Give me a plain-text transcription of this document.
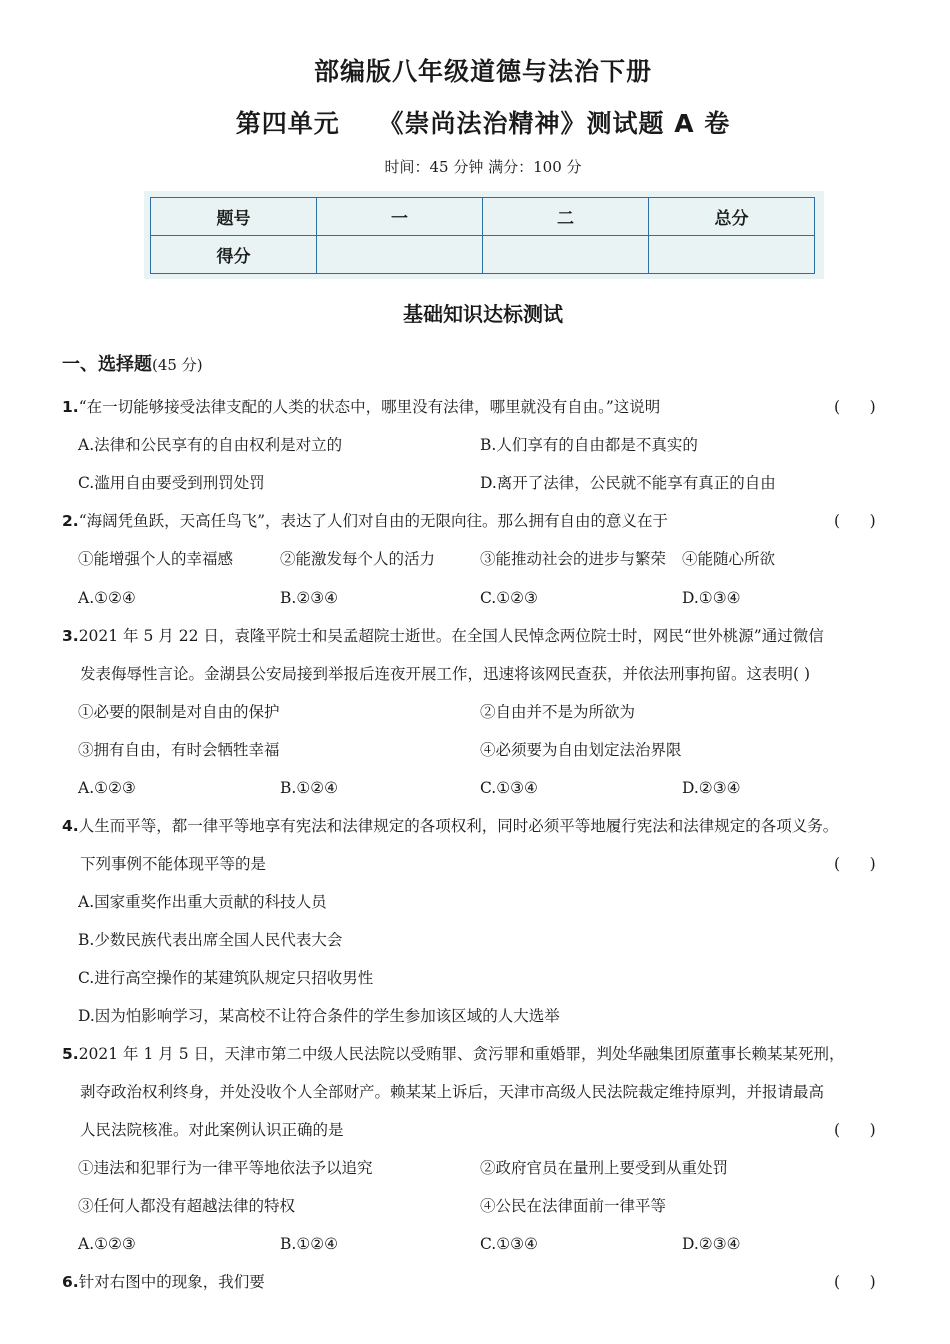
部编版八年级道德与法治下册
第四单元    《崇尚法治精神》测试题 A 卷
时间：45 分钟 满分：100 分
题号	一	二	总分
得分			
基础知识达标测试
一、选择题(45 分)
1.“在一切能够接受法律支配的人类的状态中，哪里没有法律，哪里就没有自由。”这说明	(      )
A.法律和公民享有的自由权利是对立的	B.人们享有的自由都是不真实的
C.滥用自由要受到刑罚处罚	D.离开了法律，公民就不能享有真正的自由
2.“海阔凭鱼跃，天高任鸟飞”，表达了人们对自由的无限向往。那么拥有自由的意义在于	(      )
①能增强个人的幸福感	②能激发每个人的活力	③能推动社会的进步与繁荣 ④能随心所欲
A.①②④	B.②③④	C.①②③	D.①③④
3.2021 年 5 月 22 日，袁隆平院士和吴孟超院士逝世。在全国人民悼念两位院士时，网民“世外桃源”通过微信
发表侮辱性言论。金湖县公安局接到举报后连夜开展工作，迅速将该网民查获，并依法刑事拘留。这表明( )
①必要的限制是对自由的保护	②自由并不是为所欲为
③拥有自由，有时会牺牲幸福	④必须要为自由划定法治界限
A.①②③	B.①②④	C.①③④	D.②③④
4.人生而平等，都一律平等地享有宪法和法律规定的各项权利，同时必须平等地履行宪法和法律规定的各项义务。
下列事例不能体现平等的是	(      )
A.国家重奖作出重大贡献的科技人员
B.少数民族代表出席全国人民代表大会
C.进行高空操作的某建筑队规定只招收男性
D.因为怕影响学习，某高校不让符合条件的学生参加该区域的人大选举
5.2021 年 1 月 5 日，天津市第二中级人民法院以受贿罪、贪污罪和重婚罪，判处华融集团原董事长赖某某死刑，
剥夺政治权利终身，并处没收个人全部财产。赖某某上诉后，天津市高级人民法院裁定维持原判，并报请最高
人民法院核准。对此案例认识正确的是	(      )
①违法和犯罪行为一律平等地依法予以追究	②政府官员在量刑上要受到从重处罚
③任何人都没有超越法律的特权	④公民在法律面前一律平等
A.①②③	B.①②④	C.①③④	D.②③④
6.针对右图中的现象，我们要	(      )
